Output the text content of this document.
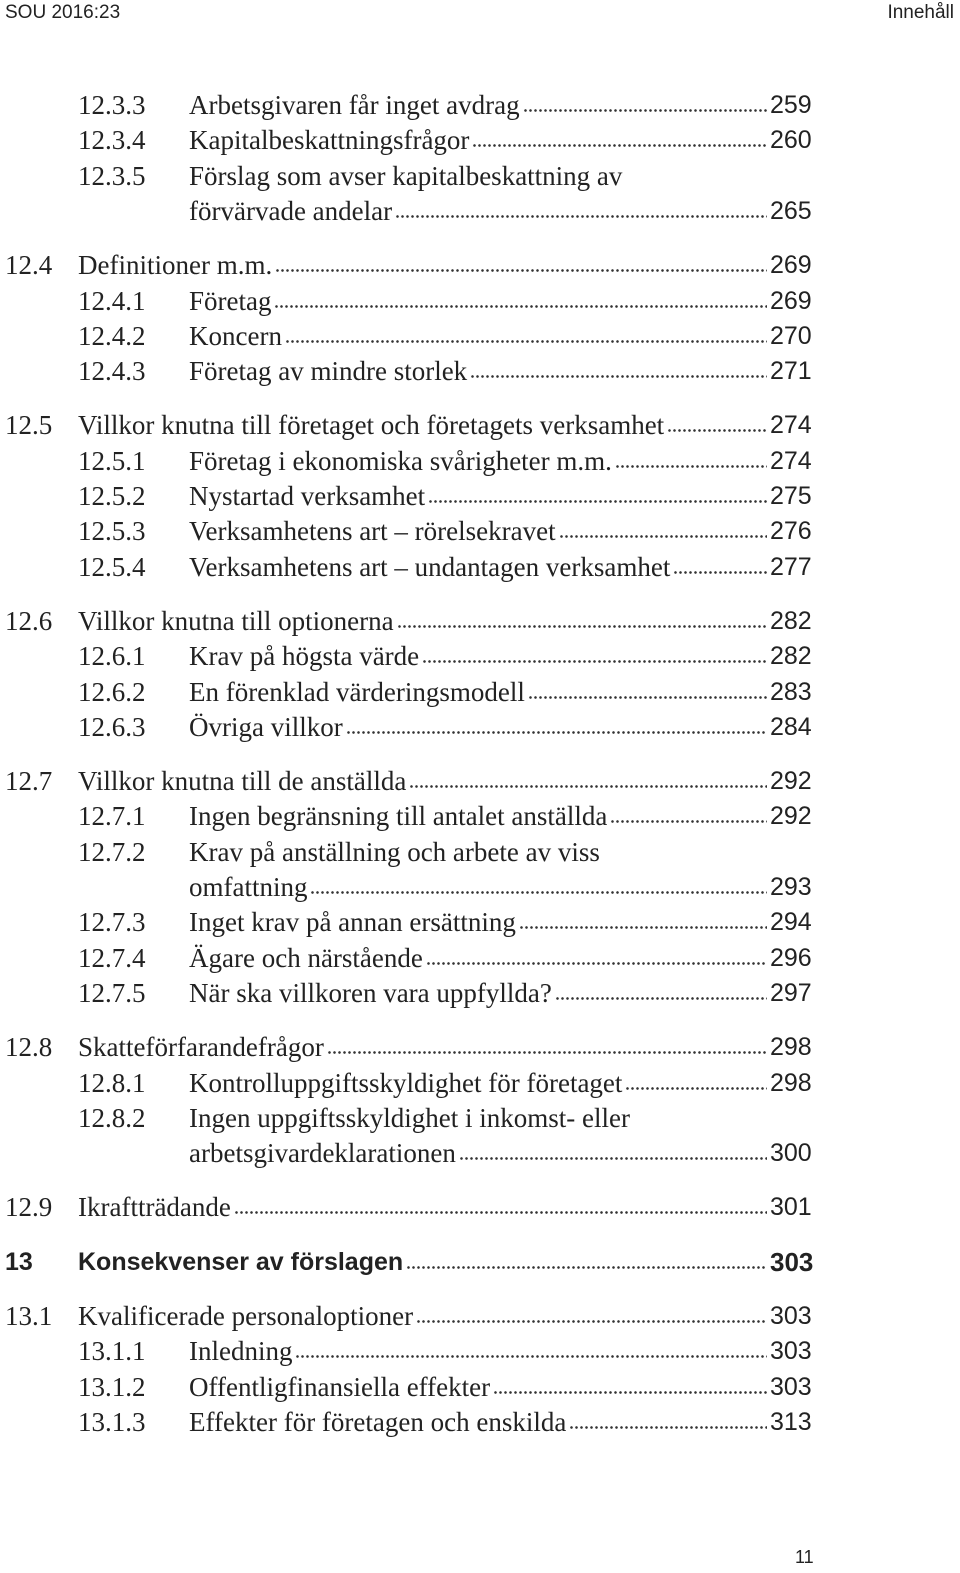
SOU 2016:23	Innehåll
12.3.3 Arbetsgivaren får inget avdrag	259
12.3.4 Kapitalbeskattningsfrågor	260
12.3.5 Förslag som avser kapitalbeskattning av
förvärvade andelar	265
12.4 Definitioner m.m.	269
12.4.1 Företag	269
12.4.2 Koncern	270
12.4.3 Företag av mindre storlek	271
12.5 Villkor knutna till företaget och företagets verksamhet	274
12.5.1 Företag i ekonomiska svårigheter m.m.	274
12.5.2 Nystartad verksamhet	275
12.5.3 Verksamhetens art – rörelsekravet	276
12.5.4 Verksamhetens art – undantagen verksamhet	277
12.6 Villkor knutna till optionerna	282
12.6.1 Krav på högsta värde	282
12.6.2 En förenklad värderingsmodell	283
12.6.3 Övriga villkor	284
12.7 Villkor knutna till de anställda	292
12.7.1 Ingen begränsning till antalet anställda	292
12.7.2 Krav på anställning och arbete av viss
omfattning	293
12.7.3 Inget krav på annan ersättning	294
12.7.4 Ägare och närstående	296
12.7.5 När ska villkoren vara uppfyllda?	297
12.8 Skatteförfarandefrågor	298
12.8.1 Kontrolluppgiftsskyldighet för företaget	298
12.8.2 Ingen uppgiftsskyldighet i inkomst- eller
arbetsgivardeklarationen	300
12.9 Ikraftträdande	301
13 Konsekvenser av förslagen	303
13.1 Kvalificerade personaloptioner	303
13.1.1 Inledning	303
13.1.2 Offentligfinansiella effekter	303
13.1.3 Effekter för företagen och enskilda	313
11
